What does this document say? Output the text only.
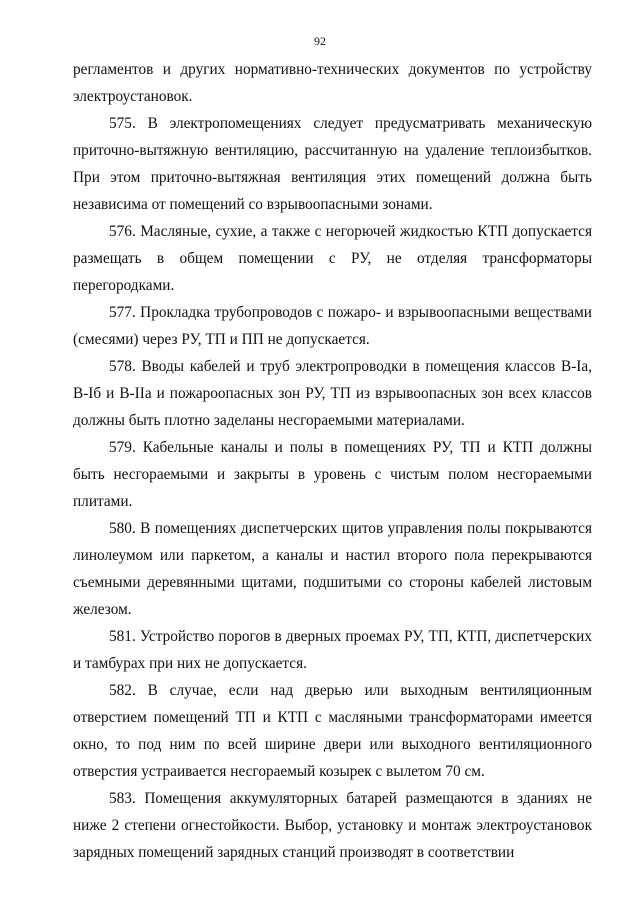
92

регламентов и других нормативно-технических документов по устройству электроустановок.

575. В электропомещениях следует предусматривать механическую приточно-вытяжную вентиляцию, рассчитанную на удаление теплоизбытков. При этом приточно-вытяжная вентиляция этих помещений должна быть независима от помещений со взрывоопасными зонами.

576. Масляные, сухие, а также с негорючей жидкостью КТП допускается размещать в общем помещении с РУ, не отделяя трансформаторы перегородками.

577. Прокладка трубопроводов с пожаро- и взрывоопасными веществами (смесями) через РУ, ТП и ПП не допускается.

578. Вводы кабелей и труб электропроводки в помещения классов В-Iа, В-Iб и В-IIа и пожароопасных зон РУ, ТП из взрывоопасных зон всех классов должны быть плотно заделаны несгораемыми материалами.

579. Кабельные каналы и полы в помещениях РУ, ТП и КТП должны быть несгораемыми и закрыты в уровень с чистым полом несгораемыми плитами.

580. В помещениях диспетчерских щитов управления полы покрываются линолеумом или паркетом, а каналы и настил второго пола перекрываются съемными деревянными щитами, подшитыми со стороны кабелей листовым железом.

581. Устройство порогов в дверных проемах РУ, ТП, КТП, диспетчерских и тамбурах при них не допускается.

582. В случае, если над дверью или выходным вентиляционным отверстием помещений ТП и КТП с масляными трансформаторами имеется окно, то под ним по всей ширине двери или выходного вентиляционного отверстия устраивается несгораемый козырек с вылетом 70 см.

583. Помещения аккумуляторных батарей размещаются в зданиях не ниже 2 степени огнестойкости. Выбор, установку и монтаж электроустановок зарядных помещений зарядных станций производят в соответствии
